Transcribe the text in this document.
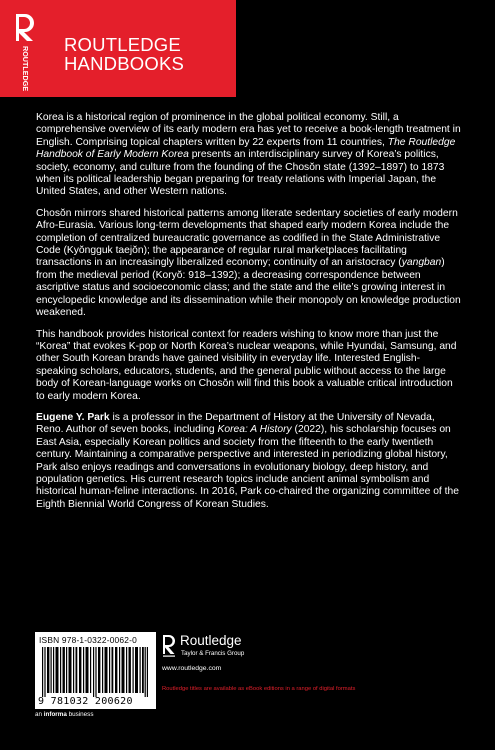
ROUTLEDGE
ROUTLEDGE
HANDBOOKS

Korea is a historical region of prominence in the global political economy. Still, a comprehensive overview of its early modern era has yet to receive a book-length treatment in English. Comprising topical chapters written by 22 experts from 11 countries, The Routledge Handbook of Early Modern Korea presents an interdisciplinary survey of Korea’s politics, society, economy, and culture from the founding of the Chosŏn state (1392–1897) to 1873 when its political leadership began preparing for treaty relations with Imperial Japan, the United States, and other Western nations.

Chosŏn mirrors shared historical patterns among literate sedentary societies of early modern Afro-Eurasia. Various long-term developments that shaped early modern Korea include the completion of centralized bureaucratic governance as codified in the State Administrative Code (Kyŏngguk taejŏn); the appearance of regular rural marketplaces facilitating transactions in an increasingly liberalized economy; continuity of an aristocracy (yangban) from the medieval period (Koryŏ: 918–1392); a decreasing correspondence between ascriptive status and socioeconomic class; and the state and the elite’s growing interest in encyclopedic knowledge and its dissemination while their monopoly on knowledge production weakened.

This handbook provides historical context for readers wishing to know more than just the “Korea” that evokes K-pop or North Korea’s nuclear weapons, while Hyundai, Samsung, and other South Korean brands have gained visibility in everyday life. Interested English-speaking scholars, educators, students, and the general public without access to the large body of Korean-language works on Chosŏn will find this book a valuable critical introduction to early modern Korea.

Eugene Y. Park is a professor in the Department of History at the University of Nevada, Reno. Author of seven books, including Korea: A History (2022), his scholarship focuses on East Asia, especially Korean politics and society from the fifteenth to the early twentieth century. Maintaining a comparative perspective and interested in periodizing global history, Park also enjoys readings and conversations in evolutionary biology, deep history, and population genetics. His current research topics include ancient animal symbolism and historical human-feline interactions. In 2016, Park co-chaired the organizing committee of the Eighth Biennial World Congress of Korean Studies.

ISBN 978-1-0322-0062-0
9 781032 200620
an informa business
Routledge
Taylor & Francis Group
www.routledge.com
Routledge titles are available as eBook editions in a range of digital formats
